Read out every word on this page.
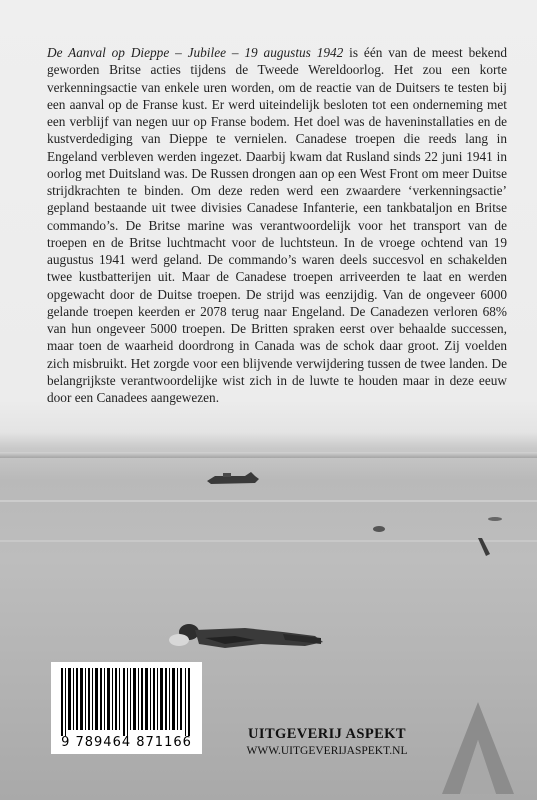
De Aanval op Dieppe – Jubilee – 19 augustus 1942 is één van de meest bekend geworden Britse acties tijdens de Tweede Wereldoorlog. Het zou een korte verkenningsactie van enkele uren worden, om de reactie van de Duitsers te testen bij een aanval op de Franse kust. Er werd uiteindelijk besloten tot een onderneming met een verblijf van negen uur op Franse bodem. Het doel was de haveninstallaties en de kustverdediging van Dieppe te vernielen. Canadese troepen die reeds lang in Engeland verbleven werden ingezet. Daarbij kwam dat Rusland sinds 22 juni 1941 in oorlog met Duitsland was. De Russen drongen aan op een West Front om meer Duitse strijdkrachten te binden. Om deze reden werd een zwaardere ‘verkenningsactie’ gepland bestaande uit twee divisies Canadese Infanterie, een tankbataljon en Britse commando’s. De Britse marine was verantwoordelijk voor het transport van de troepen en de Britse luchtmacht voor de luchtsteun. In de vroege ochtend van 19 augustus 1941 werd geland. De commando’s waren deels succesvol en schakelden twee kustbatterijen uit. Maar de Canadese troepen arriveerden te laat en werden opgewacht door de Duitse troepen. De strijd was eenzijdig. Van de ongeveer 6000 gelande troepen keerden er 2078 terug naar Engeland. De Canadezen verloren 68% van hun ongeveer 5000 troepen. De Britten spraken eerst over behaalde successen, maar toen de waarheid doordrong in Canada was de schok daar groot. Zij voelden zich misbruikt. Het zorgde voor een blijvende verwijdering tussen de twee landen. De belangrijkste verantwoordelijke wist zich in de luwte te houden maar in deze eeuw door een Canadees aangewezen.
9 789464 871166
UITGEVERIJ ASPEKT
WWW.UITGEVERIJASPEKT.NL
